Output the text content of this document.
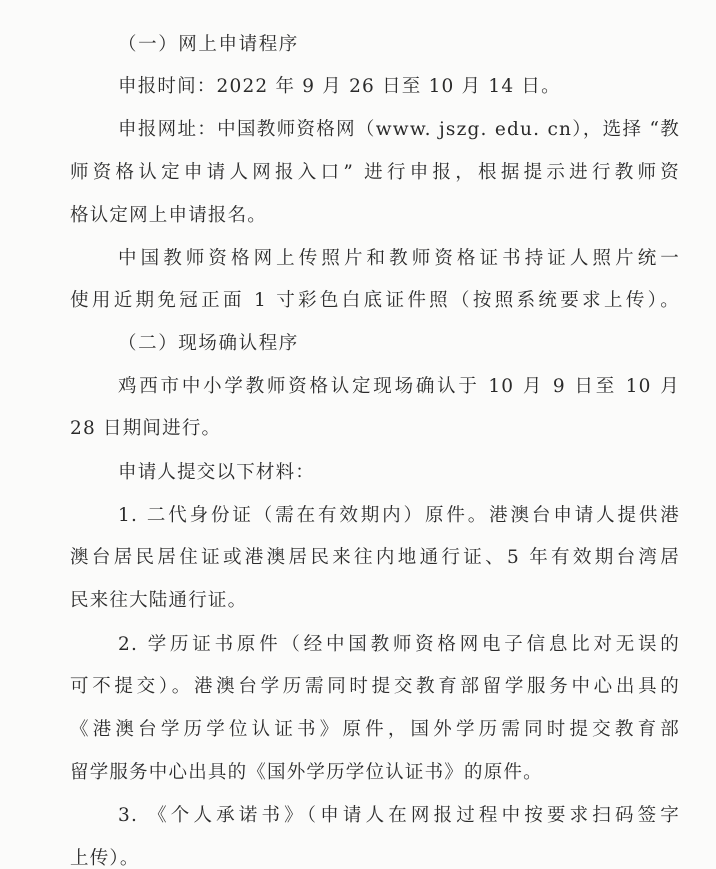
（一）网上申请程序
申报时间：2022 年 9 月 26 日至 10 月 14 日。
申报网址：中国教师资格网（www. jszg. edu. cn），选择 “教
师资格认定申请人网报入口” 进行申报，根据提示进行教师资
格认定网上申请报名。
中国教师资格网上传照片和教师资格证书持证人照片统一
使用近期免冠正面 1 寸彩色白底证件照（按照系统要求上传）。
（二）现场确认程序
鸡西市中小学教师资格认定现场确认于 10 月 9 日至 10 月
28 日期间进行。
申请人提交以下材料：
1. 二代身份证（需在有效期内）原件。港澳台申请人提供港
澳台居民居住证或港澳居民来往内地通行证、5 年有效期台湾居
民来往大陆通行证。
2. 学历证书原件（经中国教师资格网电子信息比对无误的
可不提交）。港澳台学历需同时提交教育部留学服务中心出具的
《港澳台学历学位认证书》原件，国外学历需同时提交教育部
留学服务中心出具的《国外学历学位认证书》的原件。
3. 《个人承诺书》（申请人在网报过程中按要求扫码签字
上传）。
